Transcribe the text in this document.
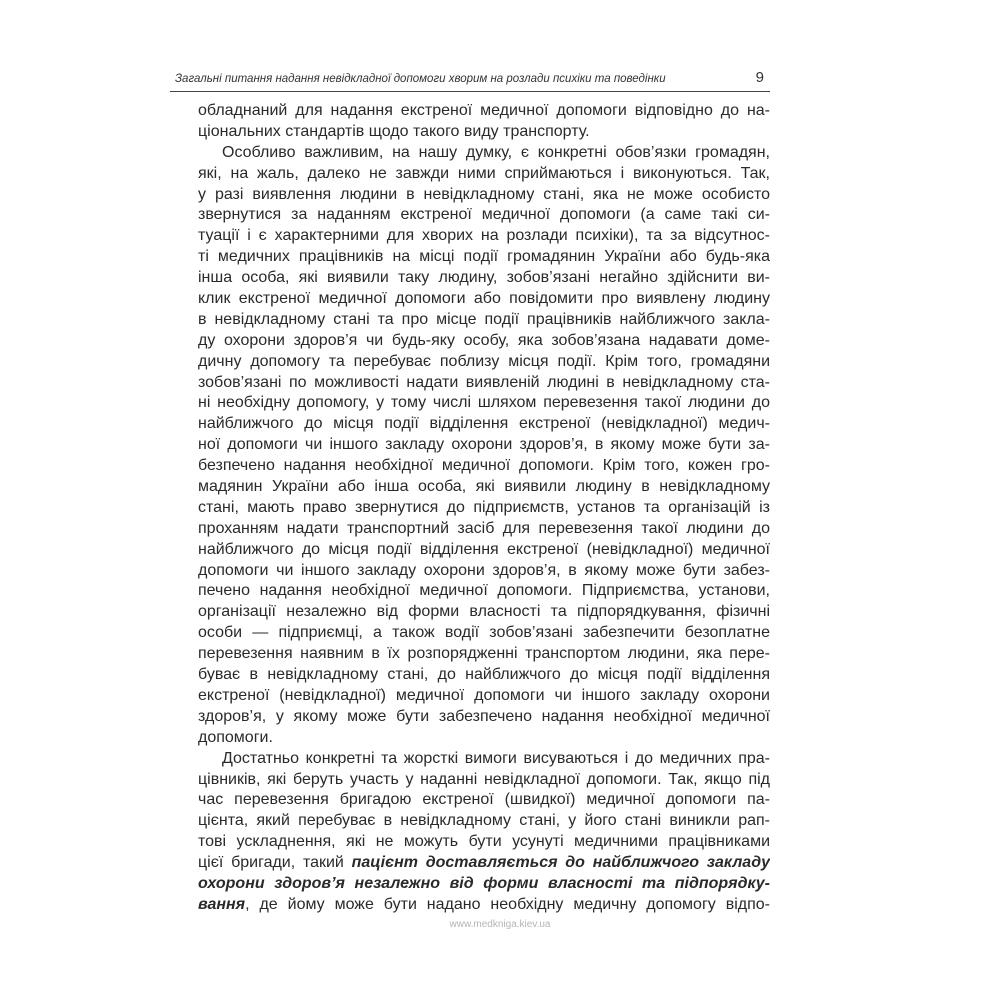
Загальні питання надання невідкладної допомоги хворим на розлади психіки та поведінки	9
обладнаний для надання екстреної медичної допомоги відповідно до на-
ціональних стандартів щодо такого виду транспорту.
Особливо важливим, на нашу думку, є конкретні обов’язки громадян,
які, на жаль, далеко не завжди ними сприймаються і виконуються. Так,
у разі виявлення людини в невідкладному стані, яка не може особисто
звернутися за наданням екстреної медичної допомоги (а саме такі си-
туації і є характерними для хворих на розлади психіки), та за відсутнос-
ті медичних працівників на місці події громадянин України або будь-яка
інша особа, які виявили таку людину, зобов’язані негайно здійснити ви-
клик екстреної медичної допомоги або повідомити про виявлену людину
в невідкладному стані та про місце події працівників найближчого закла-
ду охорони здоров’я чи будь-яку особу, яка зобов’язана надавати доме-
дичну допомогу та перебуває поблизу місця події. Крім того, громадяни
зобов’язані по можливості надати виявленій людині в невідкладному ста-
ні необхідну допомогу, у тому числі шляхом перевезення такої людини до
найближчого до місця події відділення екстреної (невідкладної) медич-
ної допомоги чи іншого закладу охорони здоров’я, в якому може бути за-
безпечено надання необхідної медичної допомоги. Крім того, кожен гро-
мадянин України або інша особа, які виявили людину в невідкладному
стані, мають право звернутися до підприємств, установ та організацій із
проханням надати транспортний засіб для перевезення такої людини до
найближчого до місця події відділення екстреної (невідкладної) медичної
допомоги чи іншого закладу охорони здоров’я, в якому може бути забез-
печено надання необхідної медичної допомоги. Підприємства, установи,
організації незалежно від форми власності та підпорядкування, фізичні
особи — підприємці, а також водії зобов’язані забезпечити безоплатне
перевезення наявним в їх розпорядженні транспортом людини, яка пере-
буває в невідкладному стані, до найближчого до місця події відділення
екстреної (невідкладної) медичної допомоги чи іншого закладу охорони
здоров’я, у якому може бути забезпечено надання необхідної медичної
допомоги.
Достатньо конкретні та жорсткі вимоги висуваються і до медичних пра-
цівників, які беруть участь у наданні невідкладної допомоги. Так, якщо під
час перевезення бригадою екстреної (швидкої) медичної допомоги па-
цієнта, який перебуває в невідкладному стані, у його стані виникли рап-
тові ускладнення, які не можуть бути усунуті медичними працівниками
цієї бригади, такий пацієнт доставляється до найближчого закладу
охорони здоров’я незалежно від форми власності та підпорядку-
вання, де йому може бути надано необхідну медичну допомогу відпо-
www.medkniga.kiev.ua
